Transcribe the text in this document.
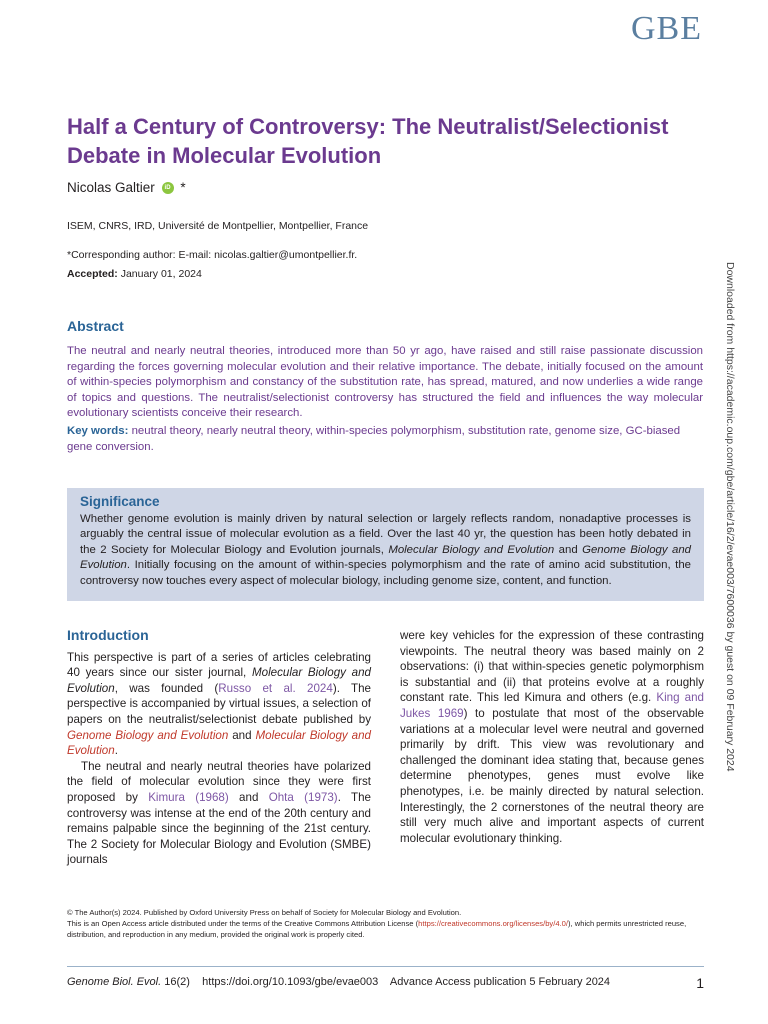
GBE
Half a Century of Controversy: The Neutralist/Selectionist Debate in Molecular Evolution
Nicolas Galtier iD *
ISEM, CNRS, IRD, Université de Montpellier, Montpellier, France
*Corresponding author: E-mail: nicolas.galtier@umontpellier.fr.
Accepted: January 01, 2024	Downloaded from https://academic.oup.com/gbe/article/16/2/evae003/7600036 by guest on 09 February 2024
Abstract

The neutral and nearly neutral theories, introduced more than 50 yr ago, have raised and still raise passionate discussion regarding the forces governing molecular evolution and their relative importance. The debate, initially focused on the amount of within-species polymorphism and constancy of the substitution rate, has spread, matured, and now underlies a wide range of topics and questions. The neutralist/selectionist controversy has structured the field and influences the way molecular evolutionary scientists conceive their research.

Key words: neutral theory, nearly neutral theory, within-species polymorphism, substitution rate, genome size, GC-biased gene conversion.

Significance

Whether genome evolution is mainly driven by natural selection or largely reflects random, nonadaptive processes is arguably the central issue of molecular evolution as a field. Over the last 40 yr, the question has been hotly debated in the 2 Society for Molecular Biology and Evolution journals, Molecular Biology and Evolution and Genome Biology and Evolution. Initially focusing on the amount of within-species polymorphism and the rate of amino acid substitution, the controversy now touches every aspect of molecular biology, including genome size, content, and function.

Introduction

This perspective is part of a series of articles celebrating 40 years since our sister journal, Molecular Biology and Evolution, was founded (Russo et al. 2024). The perspective is accompanied by virtual issues, a selection of papers on the neutralist/selectionist debate published by Genome Biology and Evolution and Molecular Biology and Evolution.

The neutral and nearly neutral theories have polarized the field of molecular evolution since they were first proposed by Kimura (1968) and Ohta (1973). The controversy was intense at the end of the 20th century and remains palpable since the beginning of the 21st century. The 2 Society for Molecular Biology and Evolution (SMBE) journals

were key vehicles for the expression of these contrasting viewpoints. The neutral theory was based mainly on 2 observations: (i) that within-species genetic polymorphism is substantial and (ii) that proteins evolve at a roughly constant rate. This led Kimura and others (e.g. King and Jukes 1969) to postulate that most of the observable variations at a molecular level were neutral and governed primarily by drift. This view was revolutionary and challenged the dominant idea stating that, because genes determine phenotypes, genes must evolve like phenotypes, i.e. be mainly directed by natural selection. Interestingly, the 2 cornerstones of the neutral theory are still very much alive and important aspects of current molecular evolutionary thinking.

© The Author(s) 2024. Published by Oxford University Press on behalf of Society for Molecular Biology and Evolution.
This is an Open Access article distributed under the terms of the Creative Commons Attribution License (https://creativecommons.org/licenses/by/4.0/), which permits unrestricted reuse, distribution, and reproduction in any medium, provided the original work is properly cited.
Genome Biol. Evol. 16(2) https://doi.org/10.1093/gbe/evae003 Advance Access publication 5 February 2024	1
